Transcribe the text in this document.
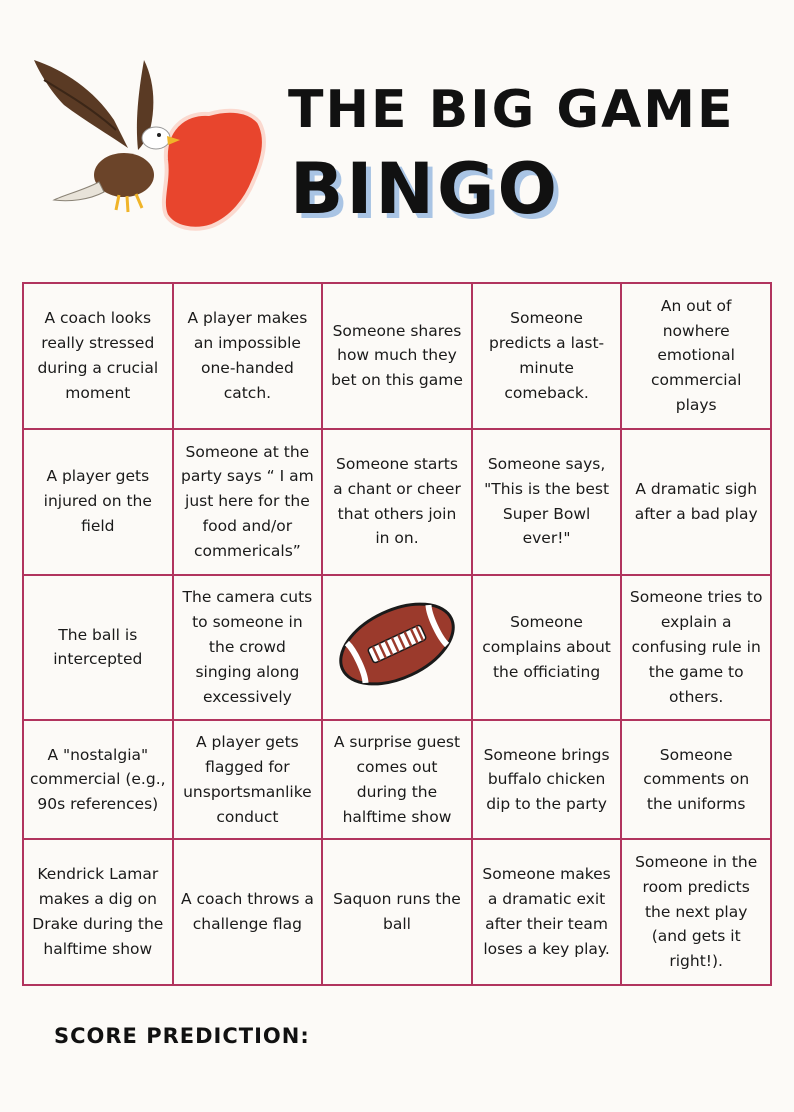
THE BIG GAME
BINGO
A coach looks really stressed during a crucial moment	A player makes an impossible one-handed catch.	Someone shares how much they bet on this game	Someone predicts a last-minute comeback.	An out of nowhere emotional commercial plays
A player gets injured on the field	Someone at the party says “ I am just here for the food and/or commericals”	Someone starts a chant or cheer that others join in on.	Someone says, "This is the best Super Bowl ever!"	A dramatic sigh after a bad play
The ball is intercepted	The camera cuts to someone in the crowd singing along excessively		Someone complains about the officiating	Someone tries to explain a confusing rule in the game to others.
A "nostalgia" commercial (e.g., 90s references)	A player gets flagged for unsportsmanlike conduct	A surprise guest comes out during the halftime show	Someone brings buffalo chicken dip to the party	Someone comments on the uniforms
Kendrick Lamar makes a dig on Drake during the halftime show	A coach throws a challenge flag	Saquon runs the ball	Someone makes a dramatic exit after their team loses a key play.	Someone in the room predicts the next play (and gets it right!).
SCORE PREDICTION:
